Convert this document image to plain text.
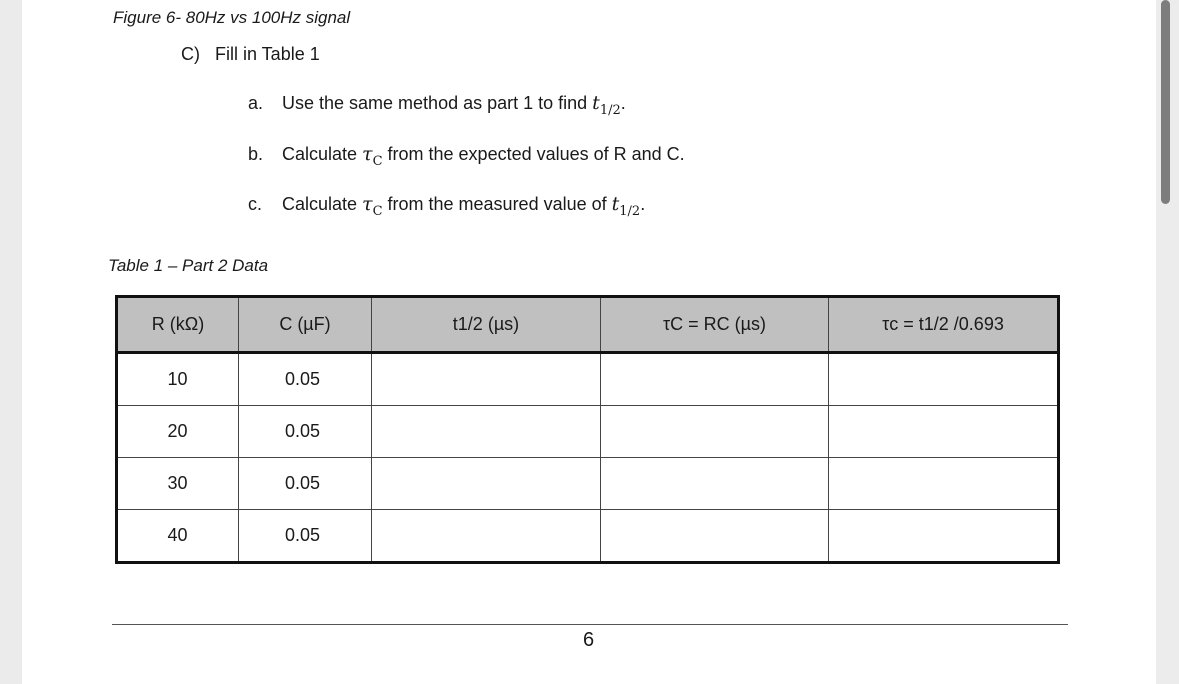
Figure 6- 80Hz vs 100Hz signal
C) Fill in Table 1
a. Use the same method as part 1 to find $t_{1/2}$.
b. Calculate $\tau_C$ from the expected values of R and C.
c. Calculate $\tau_C$ from the measured value of $t_{1/2}$.
Table 1 – Part 2 Data
R (kΩ)	C (µF)	t1/2 (µs)	τC = RC (µs)	τc = t1/2 /0.693
10	0.05			
20	0.05			
30	0.05			
40	0.05			
6
